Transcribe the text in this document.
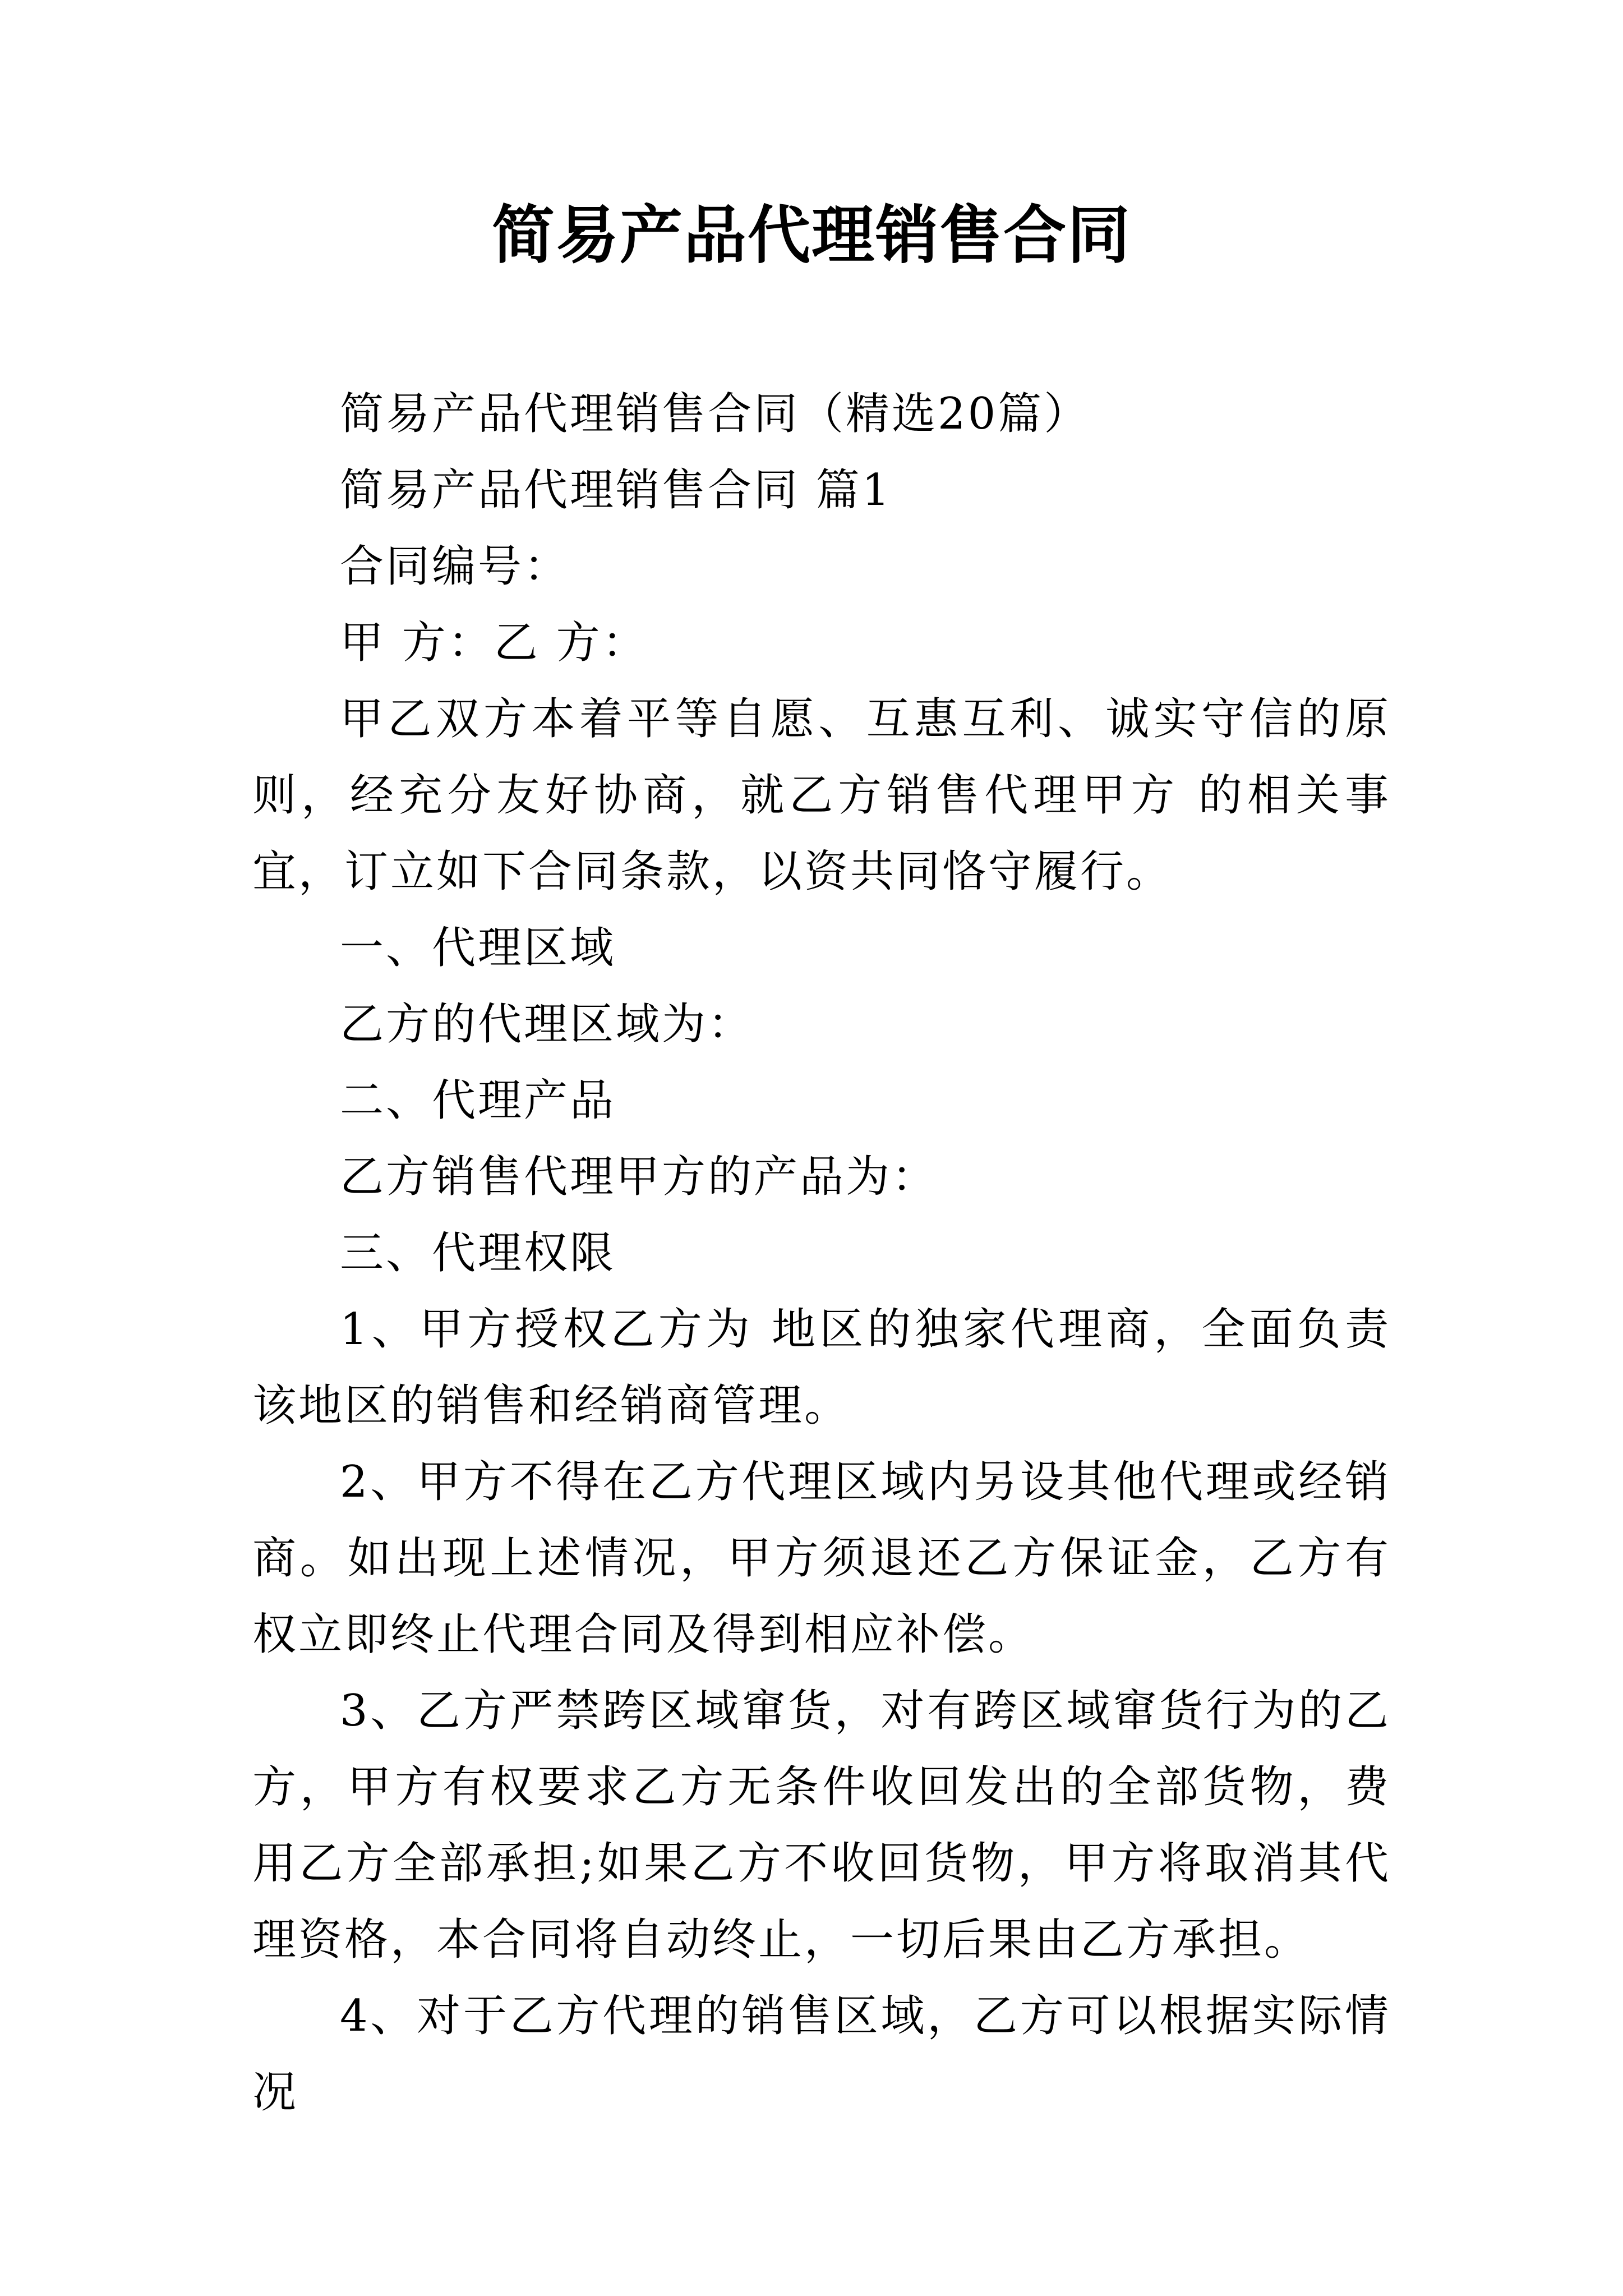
简易产品代理销售合同

简易产品代理销售合同（精选20篇）

简易产品代理销售合同 篇1

合同编号：

甲 方：乙 方：

甲乙双方本着平等自愿、互惠互利、诚实守信的原则，经充分友好协商，就乙方销售代理甲方 的相关事宜，订立如下合同条款，以资共同恪守履行。

一、代理区域

乙方的代理区域为：

二、代理产品

乙方销售代理甲方的产品为：

三、代理权限

1、甲方授权乙方为 地区的独家代理商，全面负责该地区的销售和经销商管理。

2、甲方不得在乙方代理区域内另设其他代理或经销商。如出现上述情况，甲方须退还乙方保证金，乙方有权立即终止代理合同及得到相应补偿。

3、乙方严禁跨区域窜货，对有跨区域窜货行为的乙方，甲方有权要求乙方无条件收回发出的全部货物，费用乙方全部承担;如果乙方不收回货物，甲方将取消其代理资格，本合同将自动终止，一切后果由乙方承担。

4、对于乙方代理的销售区域，乙方可以根据实际情况
